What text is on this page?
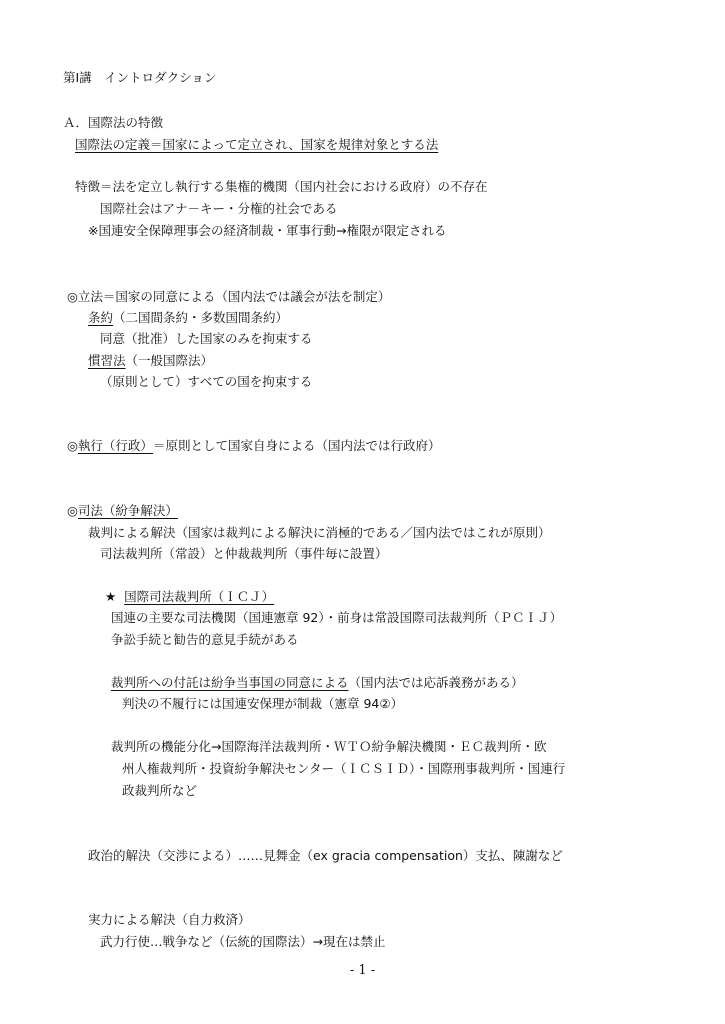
第Ⅰ講　イントロダクション
Ａ．国際法の特徴
国際法の定義＝国家によって定立され、国家を規律対象とする法
特徴＝法を定立し執行する集権的機関（国内社会における政府）の不存在
国際社会はアナ－キー・分権的社会である
※国連安全保障理事会の経済制裁・軍事行動→権限が限定される
◎立法＝国家の同意による（国内法では議会が法を制定）
条約（二国間条約・多数国間条約）
同意（批准）した国家のみを拘束する
慣習法（一般国際法）
（原則として）すべての国を拘束する
◎執行（行政）＝原則として国家自身による（国内法では行政府）
◎司法（紛争解決）
裁判による解決（国家は裁判による解決に消極的である／国内法ではこれが原則）
司法裁判所（常設）と仲裁裁判所（事件毎に設置）
★ 国際司法裁判所（ＩＣＪ）
国連の主要な司法機関（国連憲章 92）・前身は常設国際司法裁判所（ＰＣＩＪ）
争訟手続と勧告的意見手続がある
裁判所への付託は紛争当事国の同意による（国内法では応訴義務がある）
判決の不履行には国連安保理が制裁（憲章 94②）
裁判所の機能分化→国際海洋法裁判所・ＷＴＯ紛争解決機関・ＥＣ裁判所・欧
州人権裁判所・投資紛争解決センター（ＩＣＳＩＤ）・国際刑事裁判所・国連行
政裁判所など
政治的解決（交渉による）……見舞金（ex gracia compensation）支払、陳謝など
実力による解決（自力救済）
武力行使…戦争など（伝統的国際法）→現在は禁止
- 1 -
